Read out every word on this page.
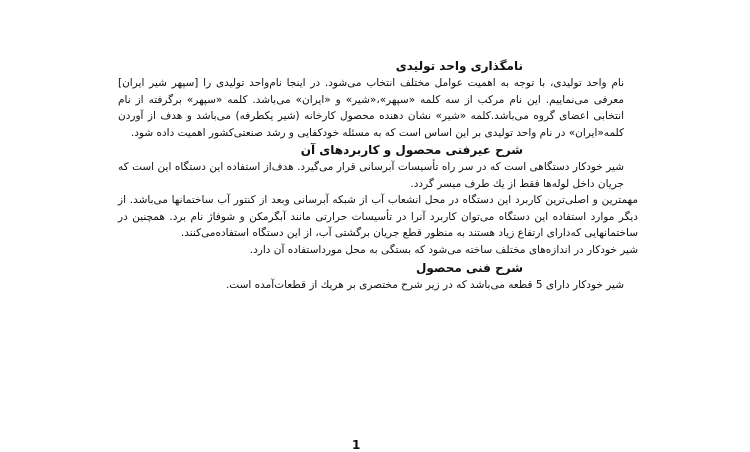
نامگذاری واحد تولیدی

نام واحد تولیدی، با توجه به اهمیت عوامل مختلف انتخاب می‌شود. در اینجا نام‌واحد تولیدی را [سپهر شیر ایران] معرفی می‌نماییم. این نام مرکب از سه کلمه «سپهر»،«شیر» و «ایران» می‌باشد. کلمه «سپهر» برگرفته از نام انتخابی اعضای گروه می‌باشد.کلمه «شیر» نشان دهنده محصول کارخانه (شیر یکطرفه) می‌باشد و هدف از آوردن کلمه«ایران» در نام واحد تولیدی بر این اساس است که به مسئله خودکفایی و رشد صنعتی‌کشور اهمیت داده شود.

شرح عیرفنی محصول و کاربردهای آن

شیر خودکار دستگاهی است که در سر راه تأسیسات آبرسانی قرار می‌گیرد. هدف‌از استفاده این دستگاه این است که جریان داخل لوله‌ها فقط از یك طرف میسر گردد.

مهمترین و اصلی‌ترین کاربرد این دستگاه در محل انشعاب آب از شبکه آبرسانی وبعد از کنتور آب ساختمانها می‌باشد. از دیگر موارد استفاده این دستگاه می‌توان کاربرد آنرا در تأسیسات حرارتی مانند آبگرمکن و شوفاژ نام برد. همچنین در ساختمانهایی که‌دارای ارتفاع زیاد هستند به منظور قطع جریان برگشتی آب، از این دستگاه استفاده‌می‌کنند.

شیر خودکار در اندازه‌های مختلف ساخته می‌شود که بستگی به محل مورداستفاده آن دارد.

شرح فنی محصول

شیر خودکار دارای 5 قطعه می‌باشد که در زیر شرح مختصری بر هریك از قطعات‌آمده است.

1
